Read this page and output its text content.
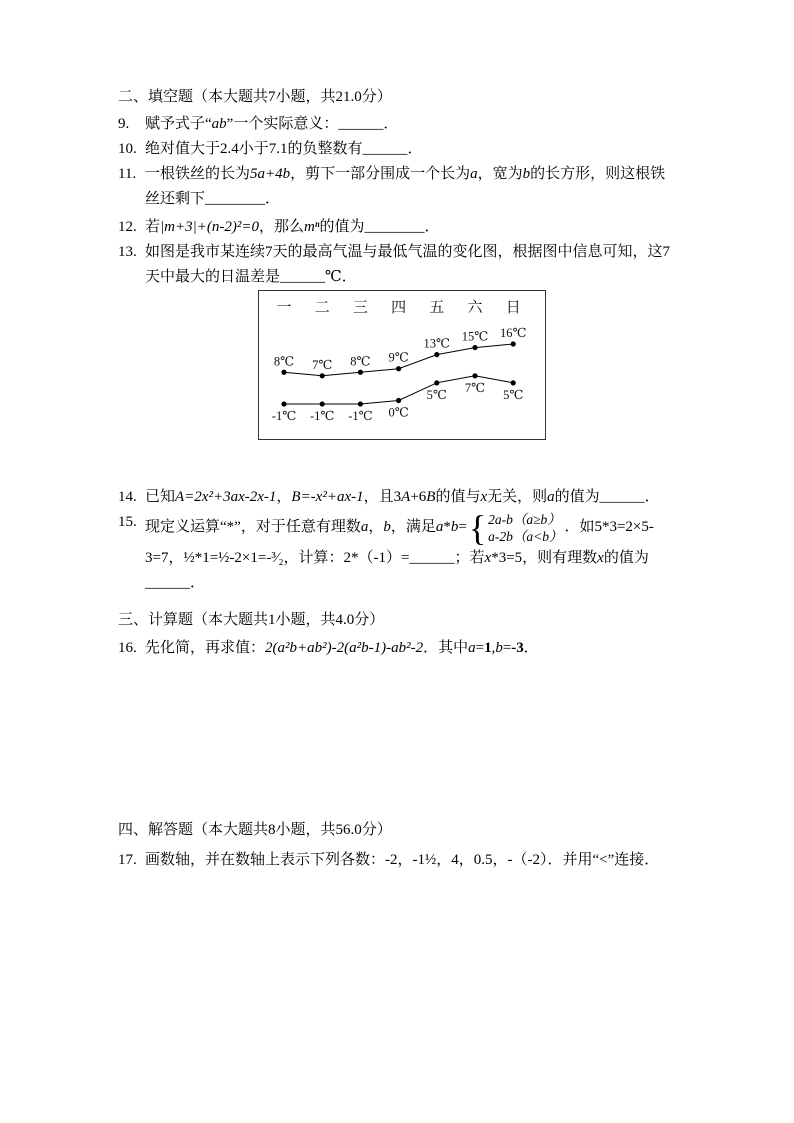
二、填空题（本大题共7小题，共21.0分）
9. 赋予式子“ab”一个实际意义：______．
10. 绝对值大于2.4小于7.1的负整数有______．
11. 一根铁丝的长为5a+4b，剪下一部分围成一个长为a，宽为b的长方形，则这根铁丝还剩下________．
12. 若|m+3|+(n-2)²=0，那么mⁿ的值为________．
13. 如图是我市某连续7天的最高气温与最低气温的变化图，根据图中信息可知，这7天中最大的日温差是______℃．
一 二 三 四 五 六 日
8℃ 7℃ 8℃ 9℃
13℃
15℃ 16℃
-1℃ -1℃ -1℃ 0℃
5℃
7℃
5℃
14. 已知A=2x²+3ax-2x-1，B=-x²+ax-1，且3A+6B的值与x无关，则a的值为______．
15. 现定义运算“*”，对于任意有理数a，b，满足a*b= { 2a-b（a≥b）
a-2b（a<b）
．如5*3=2×5-3=7，½*1=½-2×1=-³⁄₂，计算：2*（-1）=______；若x*3=5，则有理数x的值为______．
三、计算题（本大题共1小题，共4.0分）
16. 先化简，再求值：2(a²b+ab²)-2(a²b-1)-ab²-2．其中a=1,b=-3．
四、解答题（本大题共8小题，共56.0分）
17. 画数轴，并在数轴上表示下列各数：-2，-1½，4，0.5，-（-2）．并用“<”连接．
